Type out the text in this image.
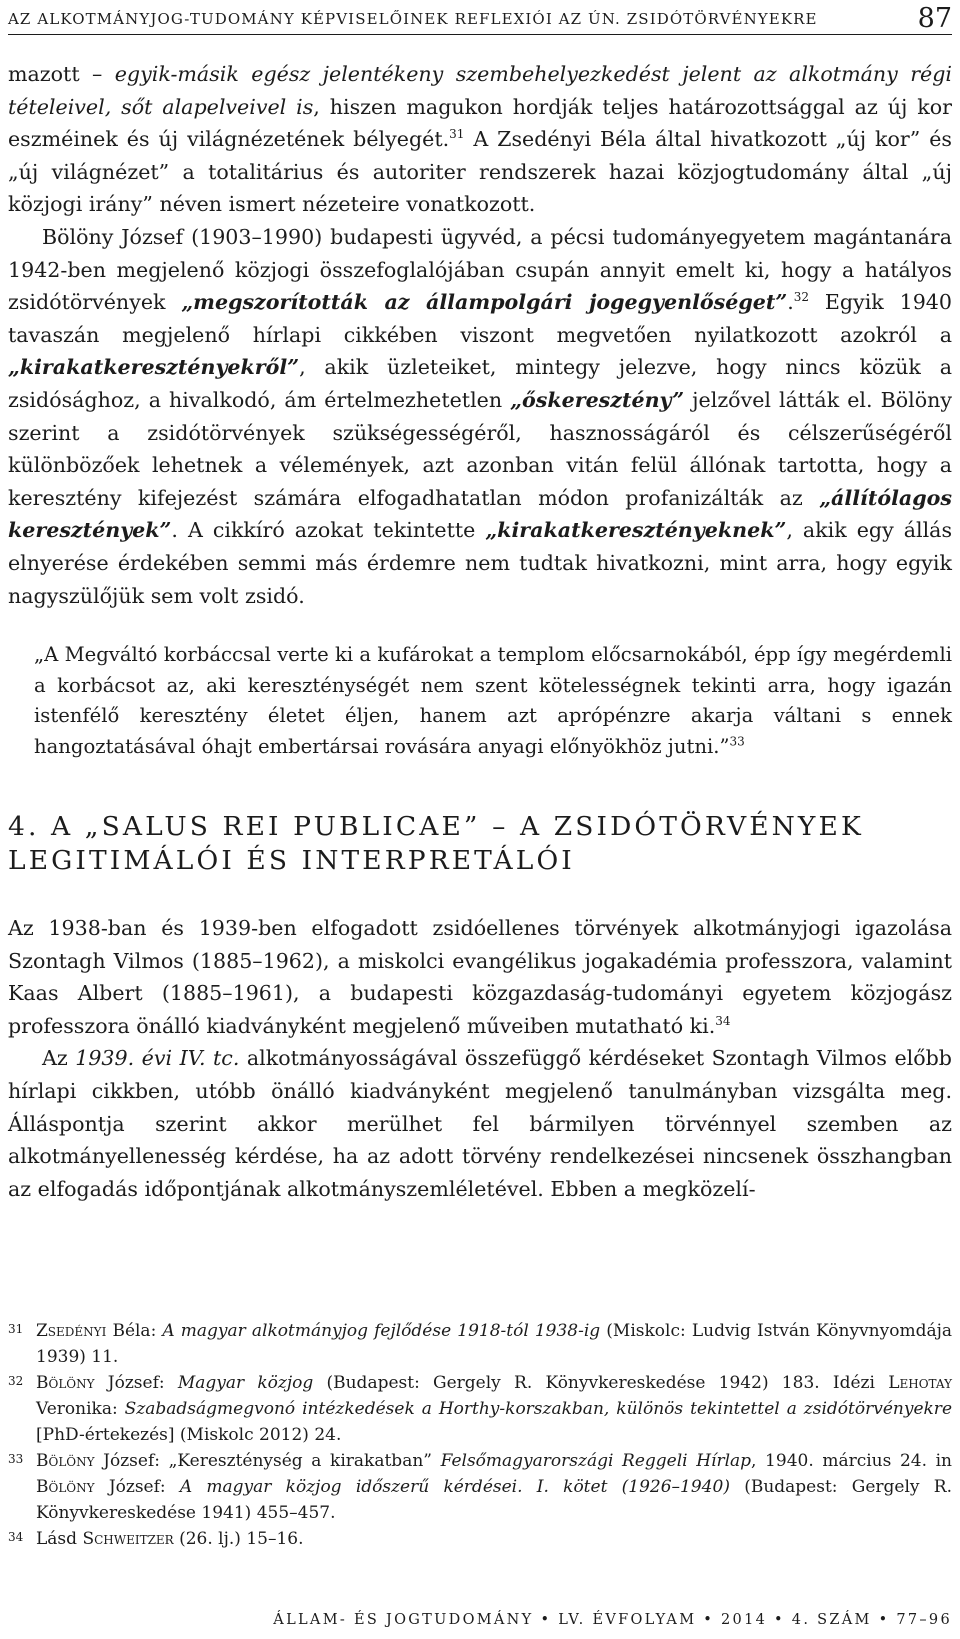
AZ ALKOTMÁNYJOG-TUDOMÁNY KÉPVISELŐINEK REFLEXIÓI AZ ÚN. ZSIDÓTÖRVÉNYEKRE	87

mazott – egyik-másik egész jelentékeny szembehelyezkedést jelent az alkotmány régi tételeivel, sőt alapelveivel is, hiszen magukon hordják teljes határozottsággal az új kor eszméinek és új világnézetének bélyegét.$^{31}$ A Zsedényi Béla által hivatkozott „új kor” és „új világnézet” a totalitárius és autoriter rendszerek hazai közjogtudomány által „új közjogi irány” néven ismert nézeteire vonatkozott.

Bölöny József (1903–1990) budapesti ügyvéd, a pécsi tudományegyetem magántanára 1942-ben megjelenő közjogi összefoglalójában csupán annyit emelt ki, hogy a hatályos zsidótörvények „megszorították az állampolgári jogegyenlőséget”.$^{32}$ Egyik 1940 tavaszán megjelenő hírlapi cikkében viszont megvetően nyilatkozott azokról a „kirakatkeresztényekről”, akik üzleteiket, mintegy jelezve, hogy nincs közük a zsidósághoz, a hivalkodó, ám értelmezhetetlen „őskeresztény” jelzővel látták el. Bölöny szerint a zsidótörvények szükségességéről, hasznosságáról és célszerűségéről különbözőek lehetnek a vélemények, azt azonban vitán felül állónak tartotta, hogy a keresztény kifejezést számára elfogadhatatlan módon profanizálták az „állítólagos keresztények”. A cikkíró azokat tekintette „kirakatkeresztényeknek”, akik egy állás elnyerése érdekében semmi más érdemre nem tudtak hivatkozni, mint arra, hogy egyik nagyszülőjük sem volt zsidó.

„A Megváltó korbáccsal verte ki a kufárokat a templom előcsarnokából, épp így megérdemli a korbácsot az, aki kereszténységét nem szent kötelességnek tekinti arra, hogy igazán istenfélő keresztény életet éljen, hanem azt aprópénzre akarja váltani s ennek hangoztatásával óhajt embertársai rovására anyagi előnyökhöz jutni.”$^{33}$

4. A „SALUS REI PUBLICAE” – A ZSIDÓTÖRVÉNYEK LEGITIMÁLÓI ÉS INTERPRETÁLÓI

Az 1938-ban és 1939-ben elfogadott zsidóellenes törvények alkotmányjogi igazolása Szontagh Vilmos (1885–1962), a miskolci evangélikus jogakadémia professzora, valamint Kaas Albert (1885–1961), a budapesti közgazdaság-tudományi egyetem közjogász professzora önálló kiadványként megjelenő műveiben mutatható ki.$^{34}$

Az 1939. évi IV. tc. alkotmányosságával összefüggő kérdéseket Szontagh Vilmos előbb hírlapi cikkben, utóbb önálló kiadványként megjelenő tanulmányban vizsgálta meg. Álláspontja szerint akkor merülhet fel bármilyen törvénnyel szemben az alkotmányellenesség kérdése, ha az adott törvény rendelkezései nincsenek összhangban az elfogadás időpontjának alkotmányszemléletével. Ebben a megközelí-

31 Zsedényi Béla: A magyar alkotmányjog fejlődése 1918-tól 1938-ig (Miskolc: Ludvig István Könyvnyomdája 1939) 11.

32 Bölöny József: Magyar közjog (Budapest: Gergely R. Könyvkereskedése 1942) 183. Idézi Lehotay Veronika: Szabadságmegvonó intézkedések a Horthy-korszakban, különös tekintettel a zsidótörvényekre [PhD-értekezés] (Miskolc 2012) 24.

33 Bölöny József: „Kereszténység a kirakatban” Felsőmagyarországi Reggeli Hírlap, 1940. március 24. in Bölöny József: A magyar közjog időszerű kérdései. I. kötet (1926–1940) (Budapest: Gergely R. Könyvkereskedése 1941) 455–457.

34 Lásd Schweitzer (26. lj.) 15–16.

ÁLLAM- ÉS JOGTUDOMÁNY • LV. ÉVFOLYAM • 2014 • 4. SZÁM • 77–96
